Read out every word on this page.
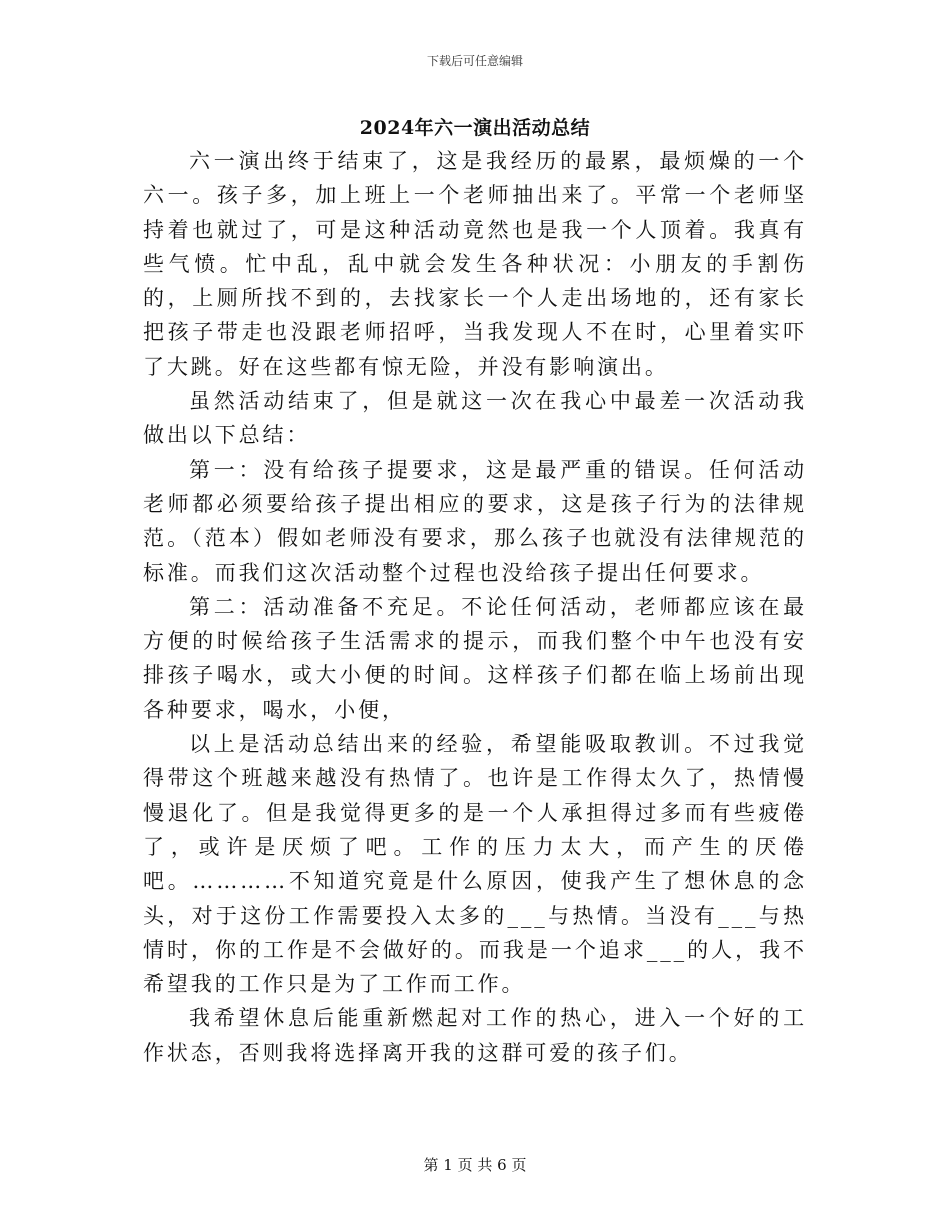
下载后可任意编辑
2024年六一演出活动总结

六一演出终于结束了，这是我经历的最累，最烦燥的一个六一。孩子多，加上班上一个老师抽出来了。平常一个老师坚持着也就过了，可是这种活动竟然也是我一个人顶着。我真有些气愤。忙中乱，乱中就会发生各种状况：小朋友的手割伤的，上厕所找不到的，去找家长一个人走出场地的，还有家长把孩子带走也没跟老师招呼，当我发现人不在时，心里着实吓了大跳。好在这些都有惊无险，并没有影响演出。

虽然活动结束了，但是就这一次在我心中最差一次活动我做出以下总结：

第一：没有给孩子提要求，这是最严重的错误。任何活动老师都必须要给孩子提出相应的要求，这是孩子行为的法律规范。（范本）假如老师没有要求，那么孩子也就没有法律规范的标准。而我们这次活动整个过程也没给孩子提出任何要求。

第二：活动准备不充足。不论任何活动，老师都应该在最方便的时候给孩子生活需求的提示，而我们整个中午也没有安排孩子喝水，或大小便的时间。这样孩子们都在临上场前出现各种要求，喝水，小便，

以上是活动总结出来的经验，希望能吸取教训。不过我觉得带这个班越来越没有热情了。也许是工作得太久了，热情慢慢退化了。但是我觉得更多的是一个人承担得过多而有些疲倦了，或许是厌烦了吧。工作的压力太大，而产生的厌倦吧。…………不知道究竟是什么原因，使我产生了想休息的念头，对于这份工作需要投入太多的___与热情。当没有___与热情时，你的工作是不会做好的。而我是一个追求___的人，我不希望我的工作只是为了工作而工作。

我希望休息后能重新燃起对工作的热心，进入一个好的工作状态，否则我将选择离开我的这群可爱的孩子们。

第 1 页 共 6 页
